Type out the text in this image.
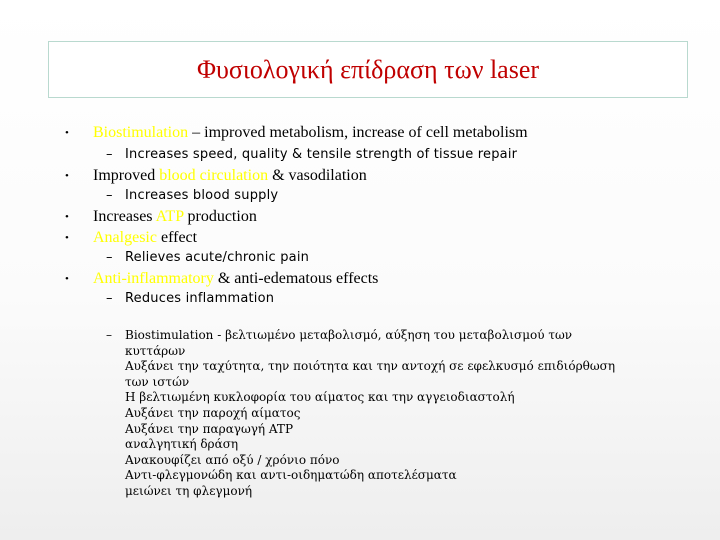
Φυσιολογική επίδραση των laser
• Biostimulation – improved metabolism, increase of cell metabolism
– Increases speed, quality & tensile strength of tissue repair
• Improved blood circulation & vasodilation
– Increases blood supply
• Increases ATP production
• Analgesic effect
– Relieves acute/chronic pain
• Anti-inflammatory & anti-edematous effects
– Reduces inflammation
– Biostimulation - βελτιωμένο μεταβολισμό, αύξηση του μεταβολισμού των
κυττάρων
Αυξάνει την ταχύτητα, την ποιότητα και την αντοχή σε εφελκυσμό επιδιόρθωση
των ιστών
Η βελτιωμένη κυκλοφορία του αίματος και την αγγειοδιαστολή
Αυξάνει την παροχή αίματος
Αυξάνει την παραγωγή ATP
αναλγητική δράση
Ανακουφίζει από οξύ / χρόνιο πόνο
Αντι-φλεγμονώδη και αντι-οιδηματώδη αποτελέσματα
μειώνει τη φλεγμονή
